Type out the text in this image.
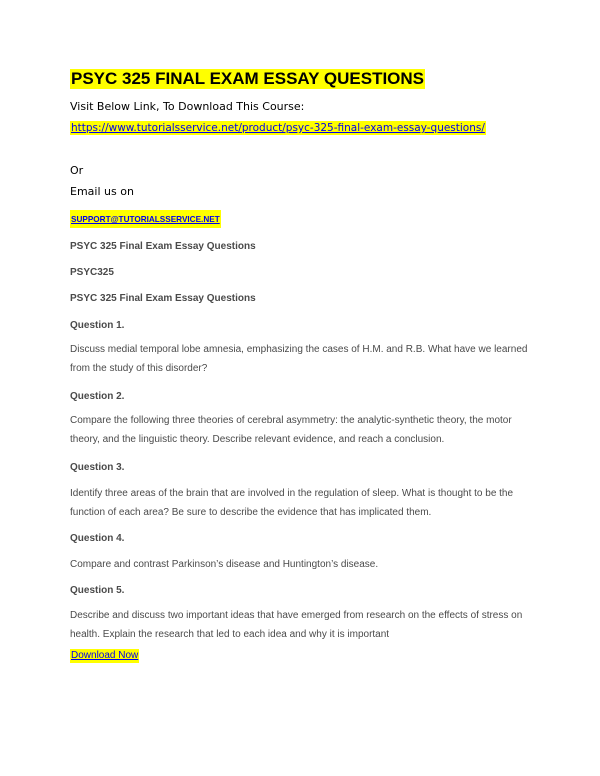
PSYC 325 FINAL EXAM ESSAY QUESTIONS
Visit Below Link, To Download This Course:
https://www.tutorialsservice.net/product/psyc-325-final-exam-essay-questions/
Or
Email us on
SUPPORT@TUTORIALSSERVICE.NET
PSYC 325 Final Exam Essay Questions
PSYC325
PSYC 325 Final Exam Essay Questions
Question 1.
Discuss medial temporal lobe amnesia, emphasizing the cases of H.M. and R.B. What have we learned from the study of this disorder?
Question 2.
Compare the following three theories of cerebral asymmetry: the analytic-synthetic theory, the motor theory, and the linguistic theory. Describe relevant evidence, and reach a conclusion.
Question 3.
Identify three areas of the brain that are involved in the regulation of sleep. What is thought to be the function of each area? Be sure to describe the evidence that has implicated them.
Question 4.
Compare and contrast Parkinson’s disease and Huntington’s disease.
Question 5.
Describe and discuss two important ideas that have emerged from research on the effects of stress on health. Explain the research that led to each idea and why it is important
Download Now
